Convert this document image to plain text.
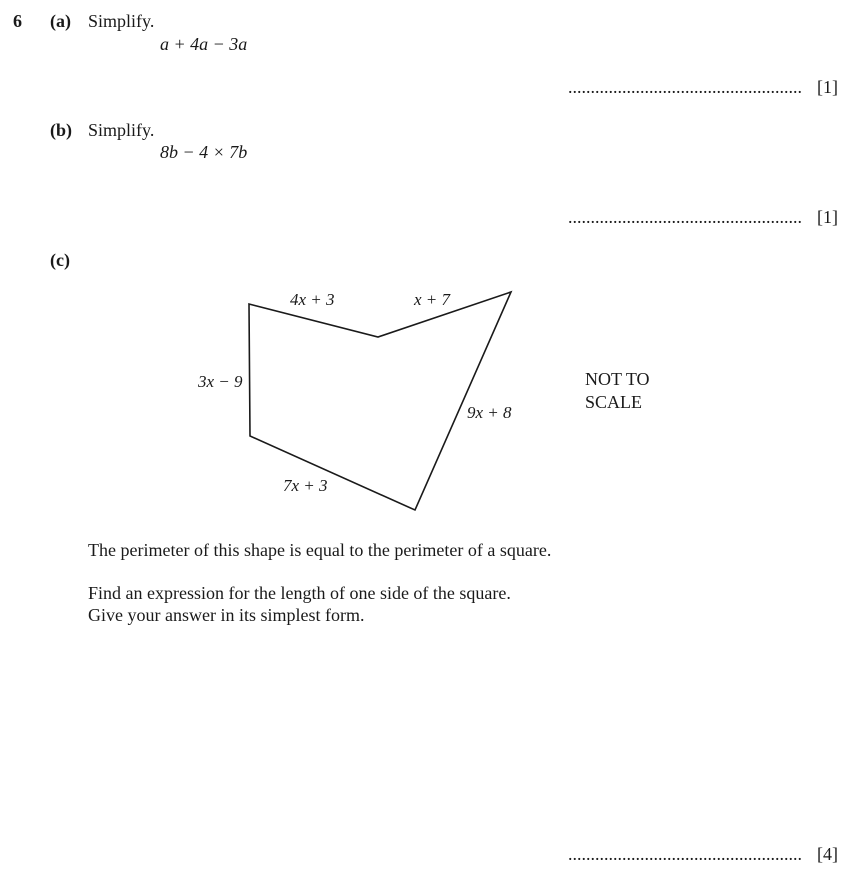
6 (a) Simplify.
a + 4a − 3a
.................................................... [1]
(b) Simplify.
8b − 4 × 7b
.................................................... [1]
(c)
4x + 3	x + 7
3x − 9
9x + 8
7x + 3
NOT TO
SCALE
The perimeter of this shape is equal to the perimeter of a square.
Find an expression for the length of one side of the square.
Give your answer in its simplest form.
.................................................... [4]
